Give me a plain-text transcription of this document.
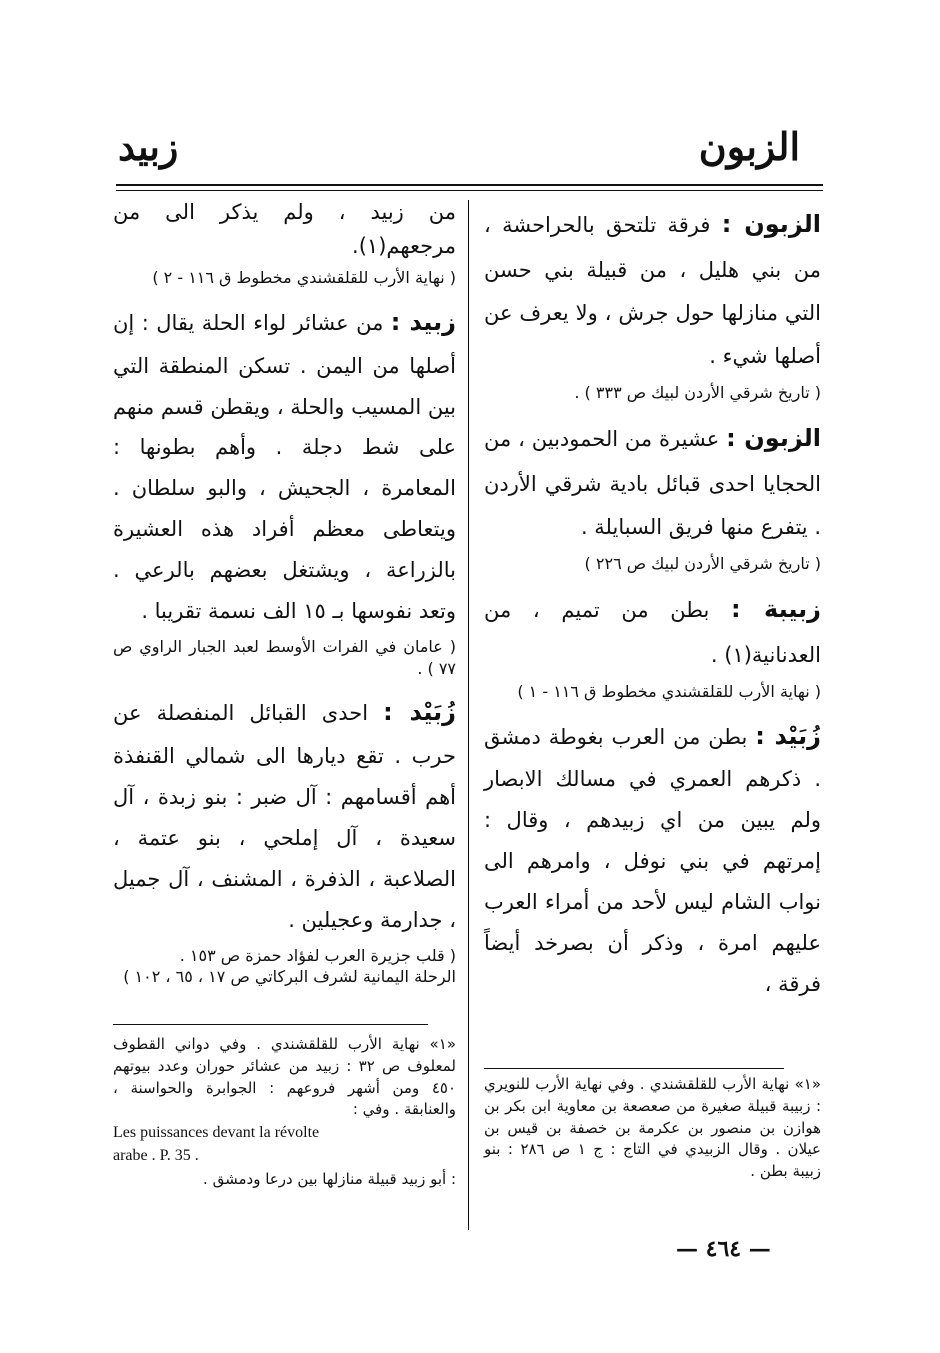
الزبون
زبيد

الزبون : فرقة تلتحق بالحراحشة ، من بني هليل ، من قبيلة بني حسن التي منازلها حول جرش ، ولا يعرف عن أصلها شيء .

( تاريخ شرقي الأردن لبيك ص ٣٣٣ ) .

الزبون : عشيرة من الحمودبين ، من الحجايا احدى قبائل بادية شرقي الأردن . يتفرع منها فريق السبايلة .

( تاريخ شرقي الأردن لبيك ص ٢٢٦ )

زبيبة : بطن من تميم ، من العدنانية(١) .

( نهاية الأرب للقلقشندي مخطوط ق ١١٦ - ١ )

زُبَيْد : بطن من العرب بغوطة دمشق . ذكرهم العمري في مسالك الابصار ولم يبين من اي زبيدهم ، وقال : إمرتهم في بني نوفل ، وامرهم الى نواب الشام ليس لأحد من أمراء العرب عليهم امرة ، وذكر أن بصرخد أيضاً فرقة ،

من زبيد ، ولم يذكر الى من مرجعهم(١).

( نهاية الأرب للقلقشندي مخطوط ق ١١٦ - ٢ )

زبيد : من عشائر لواء الحلة يقال : إن أصلها من اليمن . تسكن المنطقة التي بين المسيب والحلة ، ويقطن قسم منهم على شط دجلة . وأهم بطونها : المعامرة ، الجحيش ، والبو سلطان . ويتعاطى معظم أفراد هذه العشيرة بالزراعة ، ويشتغل بعضهم بالرعي . وتعد نفوسها بـ ١٥ الف نسمة تقريبا .

( عامان في الفرات الأوسط لعبد الجبار الراوي ص ٧٧ ) .

زُبَيْد : احدى القبائل المنفصلة عن حرب . تقع ديارها الى شمالي القنفذة أهم أقسامهم : آل ضبر : بنو زبدة ، آل سعيدة ، آل إملحي ، بنو عتمة ، الصلاعبة ، الذفرة ، المشنف ، آل جميل ، جدارمة وعجيلين .

( قلب جزيرة العرب لفؤاد حمزة ص ١٥٣ .
الرحلة اليمانية لشرف البركاتي ص ١٧ ، ٦٥ ، ١٠٢ )
«١» نهاية الأرب للقلقشندي . وفي نهاية الأرب للنويري : زبيبة قبيلة صغيرة من صعصعة بن معاوية ابن بكر بن هوازن بن منصور بن عكرمة بن خصفة بن قيس بن عيلان . وقال الزبيدي في التاج : ج ١ ص ٢٨٦ : بنو زبيبة بطن .
«١» نهاية الأرب للقلقشندي . وفي دواني القطوف لمعلوف ص ٣٢ : زبيد من عشائر حوران وعدد بيوتهم ٤٥٠ ومن أشهر فروعهم : الجوابرة والحواسنة ، والعنابقة . وفي :
Les puissances devant la révolte
arabe . P. 35 .
: أبو زبيد قبيلة منازلها بين درعا ودمشق .
— ٤٦٤ —
